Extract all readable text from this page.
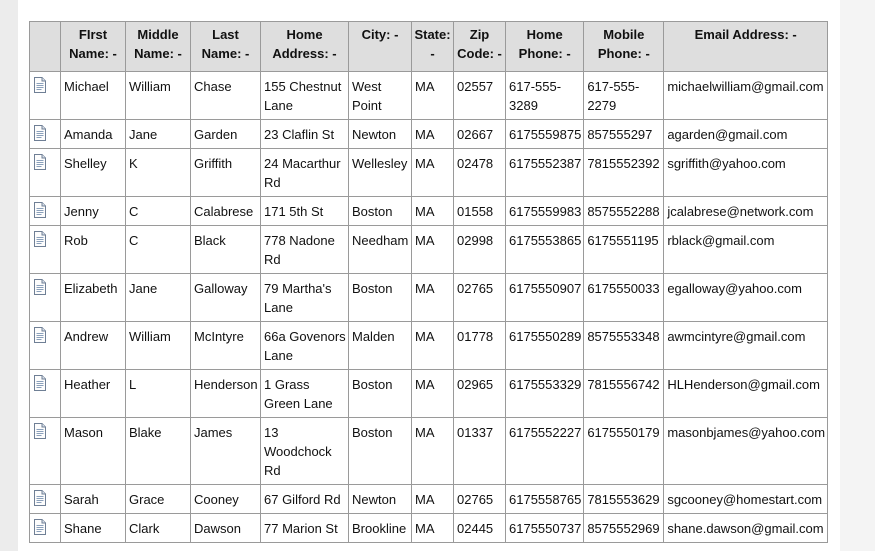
	FIrst Name: -	Middle Name: -	Last Name: -	Home Address: -	City: -	State: -	Zip Code: -	Home Phone: -	Mobile Phone: -	Email Address: -
	Michael	William	Chase	155 Chestnut Lane	West Point	MA	02557	617-555-3289	617-555-2279	michaelwilliam@gmail.com
	Amanda	Jane	Garden	23 Claflin St	Newton	MA	02667	6175559875	857555297	agarden@gmail.com
	Shelley	K	Griffith	24 Macarthur Rd	Wellesley	MA	02478	6175552387	7815552392	sgriffith@yahoo.com
	Jenny	C	Calabrese	171 5th St	Boston	MA	01558	6175559983	8575552288	jcalabrese@network.com
	Rob	C	Black	778 Nadone Rd	Needham	MA	02998	6175553865	6175551195	rblack@gmail.com
	Elizabeth	Jane	Galloway	79 Martha's Lane	Boston	MA	02765	6175550907	6175550033	egalloway@yahoo.com
	Andrew	William	McIntyre	66a Govenors Lane	Malden	MA	01778	6175550289	8575553348	awmcintyre@gmail.com
	Heather	L	Henderson	1 Grass Green Lane	Boston	MA	02965	6175553329	7815556742	HLHenderson@gmail.com
	Mason	Blake	James	13 Woodchock Rd	Boston	MA	01337	6175552227	6175550179	masonbjames@yahoo.com
	Sarah	Grace	Cooney	67 Gilford Rd	Newton	MA	02765	6175558765	7815553629	sgcooney@homestart.com
	Shane	Clark	Dawson	77 Marion St	Brookline	MA	02445	6175550737	8575552969	shane.dawson@gmail.com
